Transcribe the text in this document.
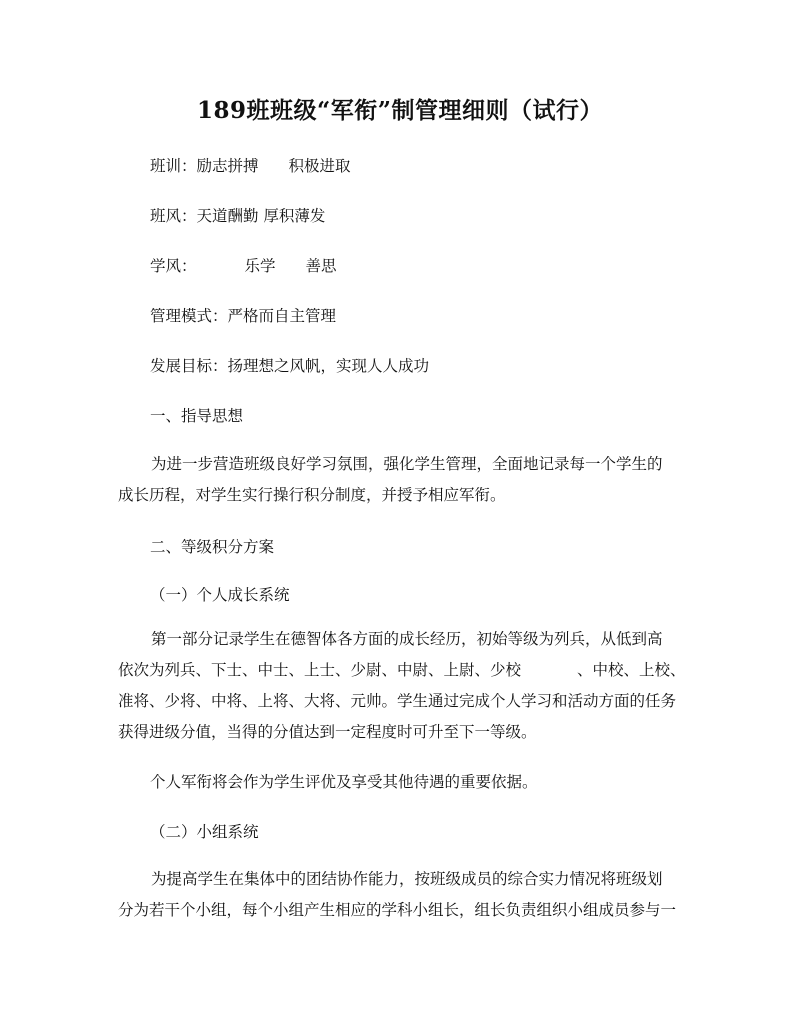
189班班级“军衔”制管理细则（试行）
班训：励志拼搏 积极进取
班风：天道酬勤 厚积薄发
学风：	乐学 善思
管理模式：严格而自主管理
发展目标：扬理想之风帆，实现人人成功
一、指导思想
为进一步营造班级良好学习氛围，强化学生管理，全面地记录每一个学生的
成长历程，对学生实行操行积分制度，并授予相应军衔。
二、等级积分方案
（一）个人成长系统
第一部分记录学生在德智体各方面的成长经历，初始等级为列兵，从低到高
依次为列兵、下士、中士、上士、少尉、中尉、上尉、少校	、中校、上校、
准将、少将、中将、上将、大将、元帅。学生通过完成个人学习和活动方面的任务
获得进级分值，当得的分值达到一定程度时可升至下一等级。
个人军衔将会作为学生评优及享受其他待遇的重要依据。
（二）小组系统
为提高学生在集体中的团结协作能力，按班级成员的综合实力情况将班级划
分为若干个小组，每个小组产生相应的学科小组长，组长负责组织小组成员参与一
